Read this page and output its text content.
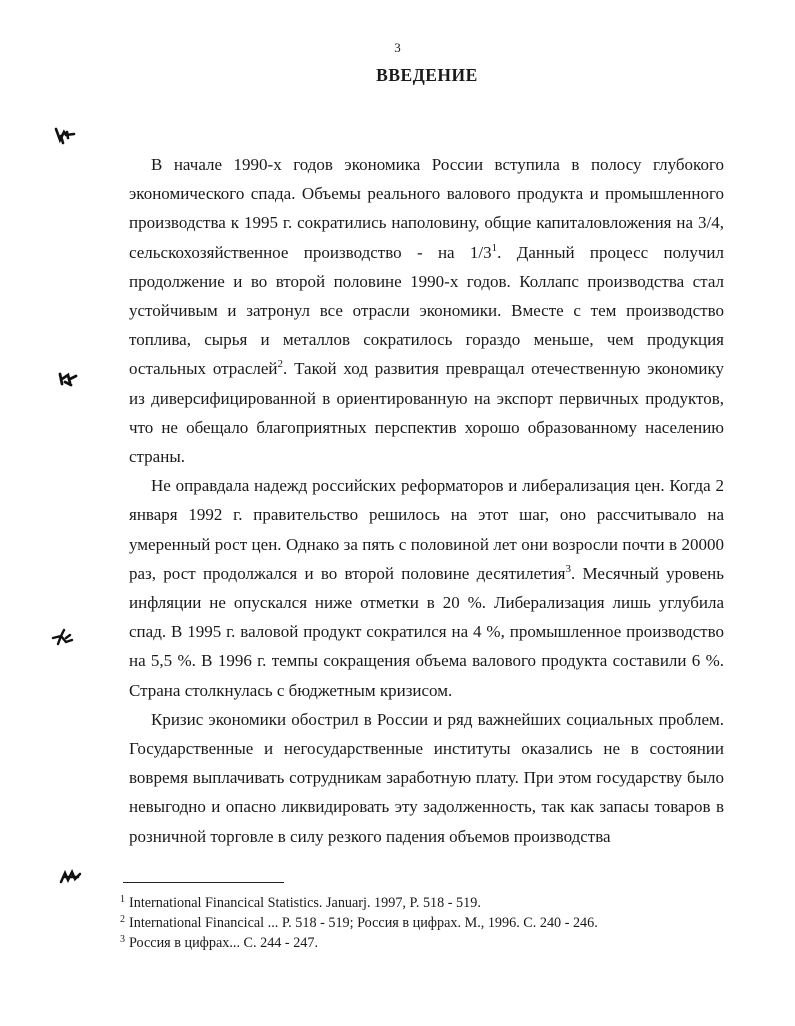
3
ВВЕДЕНИЕ

В начале 1990-х годов экономика России вступила в полосу глубокого экономического спада. Объемы реального валового продукта и промышленного производства к 1995 г. сократились наполовину, общие капиталовложения на 3/4, сельскохозяйственное производство - на $1/3^1$. Данный процесс получил продолжение и во второй половине 1990-х годов. Коллапс производства стал устойчивым и затронул все отрасли экономики. Вместе с тем производство топлива, сырья и металлов сократилось гораздо меньше, чем продукция остальных отраслей$^2$. Такой ход развития превращал отечественную экономику из диверсифицированной в ориентированную на экспорт первичных продуктов, что не обещало благоприятных перспектив хорошо образованному населению страны.

Не оправдала надежд российских реформаторов и либерализация цен. Когда 2 января 1992 г. правительство решилось на этот шаг, оно рассчитывало на умеренный рост цен. Однако за пять с половиной лет они возросли почти в 20000 раз, рост продолжался и во второй половине десятилетия$^3$. Месячный уровень инфляции не опускался ниже отметки в 20 %. Либерализация лишь углубила спад. В 1995 г. валовой продукт сократился на 4 %, промышленное производство на 5,5 %. В 1996 г. темпы сокращения объема валового продукта составили 6 %. Страна столкнулась с бюджетным кризисом.

Кризис экономики обострил в России и ряд важнейших социальных проблем. Государственные и негосударственные институты оказались не в состоянии вовремя выплачивать сотрудникам заработную плату. При этом государству было невыгодно и опасно ликвидировать эту задолженность, так как запасы товаров в розничной торговле в силу резкого падения объемов производства

$^1$ International Financical Statistics. Januarj. 1997, P. 518 - 519.
$^2$ International Financical ... P. 518 - 519; Россия в цифрах. М., 1996. С. 240 - 246.
$^3$ Россия в цифрах... С. 244 - 247.
